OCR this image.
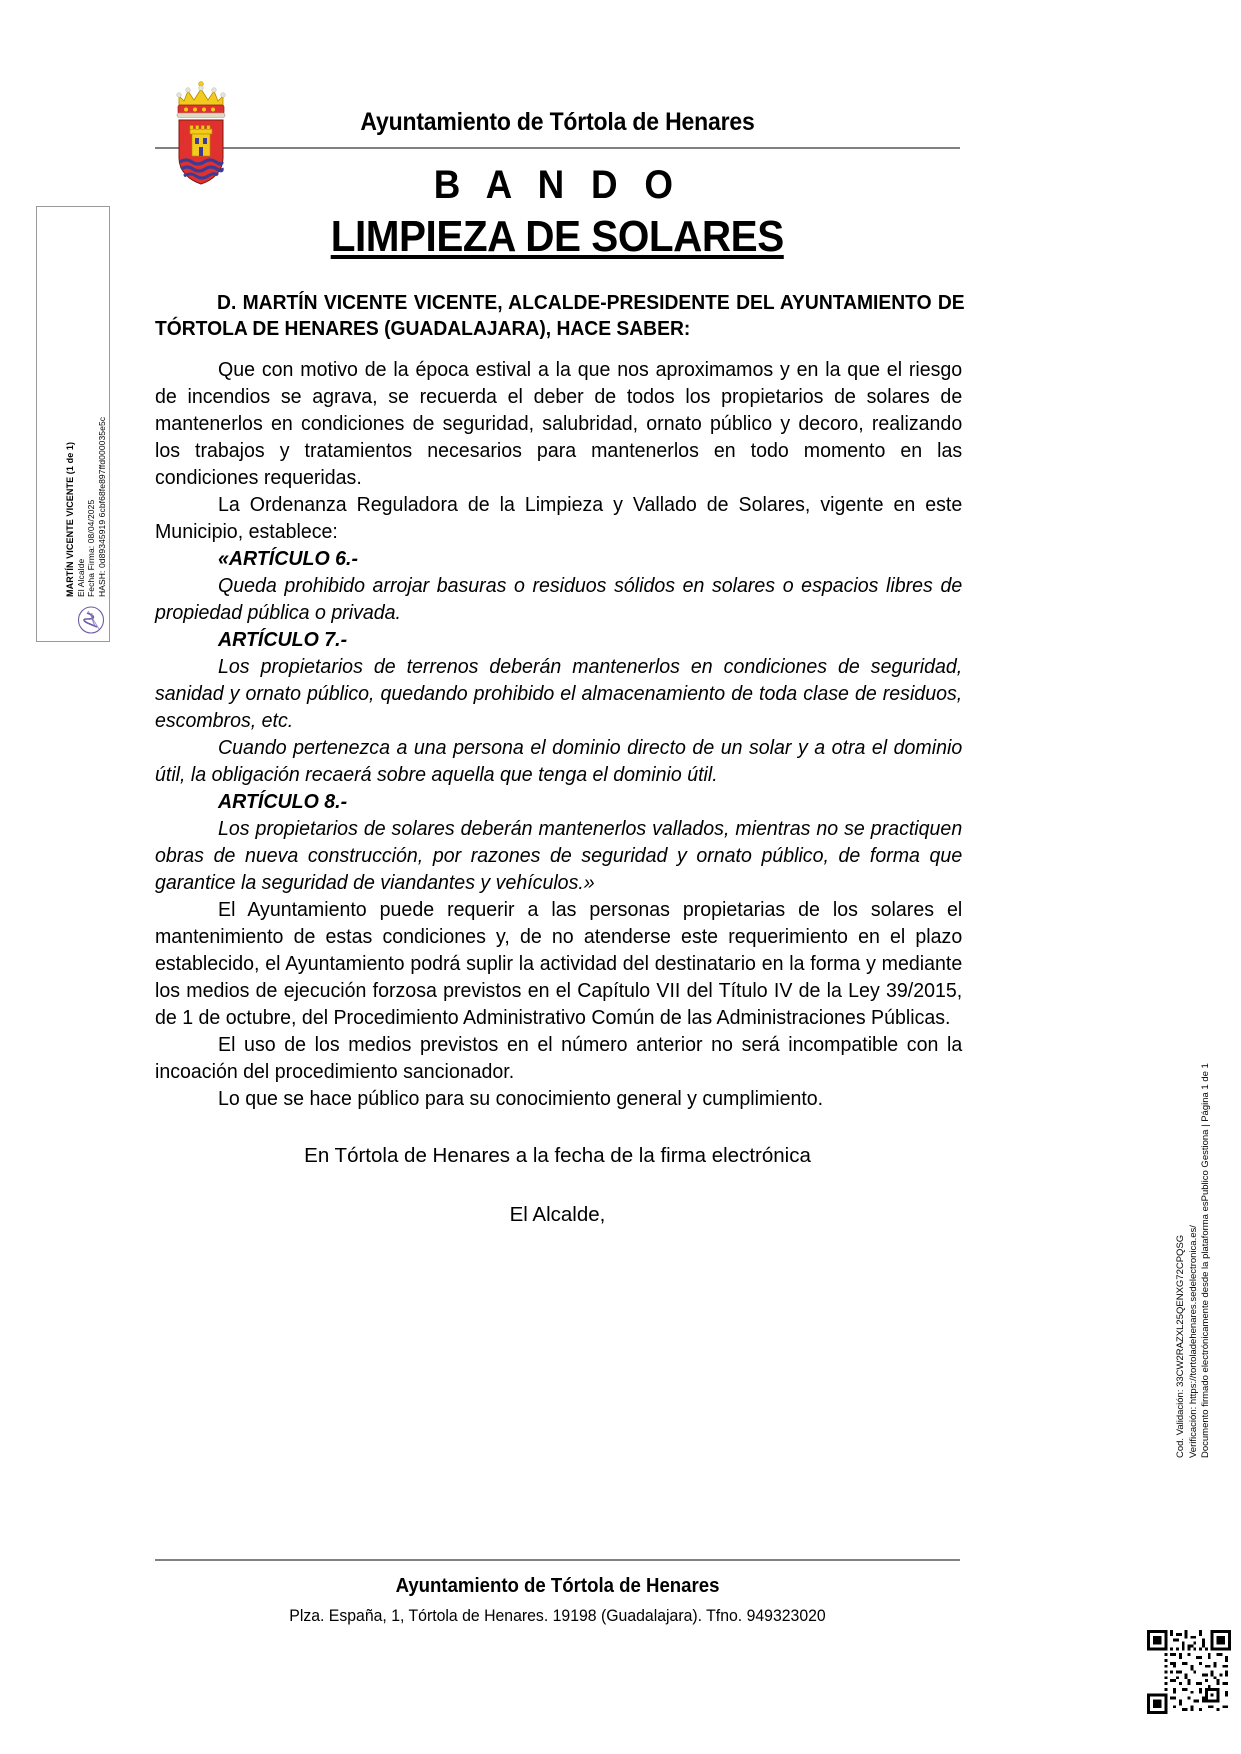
MARTÍN VICENTE VICENTE (1 de 1) El Alcalde Fecha Firma: 08/04/2025 HASH: 0d89345919 6cbf68fe897ffd000035e5c
Cod. Validación: 33CW2RAZXL25QENXG72CPQSG Verificación: https://tortoladehenares.sedelectronica.es/ Documento firmado electrónicamente desde la plataforma esPublico Gestiona | Página 1 de 1
Ayuntamiento de Tórtola de Henares
B A N D O
LIMPIEZA DE SOLARES
D. MARTÍN VICENTE VICENTE, ALCALDE-PRESIDENTE DEL AYUNTAMIENTO DE TÓRTOLA DE HENARES (GUADALAJARA), HACE SABER:

Que con motivo de la época estival a la que nos aproximamos y en la que el riesgo de incendios se agrava, se recuerda el deber de todos los propietarios de solares de mantenerlos en condiciones de seguridad, salubridad, ornato público y decoro, realizando los trabajos y tratamientos necesarios para mantenerlos en todo momento en las condiciones requeridas.

La Ordenanza Reguladora de la Limpieza y Vallado de Solares, vigente en este Municipio, establece:

«ARTÍCULO 6.-

Queda prohibido arrojar basuras o residuos sólidos en solares o espacios libres de propiedad pública o privada.

ARTÍCULO 7.-

Los propietarios de terrenos deberán mantenerlos en condiciones de seguridad, sanidad y ornato público, quedando prohibido el almacenamiento de toda clase de residuos, escombros, etc.

Cuando pertenezca a una persona el dominio directo de un solar y a otra el dominio útil, la obligación recaerá sobre aquella que tenga el dominio útil.

ARTÍCULO 8.-

Los propietarios de solares deberán mantenerlos vallados, mientras no se practiquen obras de nueva construcción, por razones de seguridad y ornato público, de forma que garantice la seguridad de viandantes y vehículos.»

El Ayuntamiento puede requerir a las personas propietarias de los solares el mantenimiento de estas condiciones y, de no atenderse este requerimiento en el plazo establecido, el Ayuntamiento podrá suplir la actividad del destinatario en la forma y mediante los medios de ejecución forzosa previstos en el Capítulo VII del Título IV de la Ley 39/2015, de 1 de octubre, del Procedimiento Administrativo Común de las Administraciones Públicas.

El uso de los medios previstos en el número anterior no será incompatible con la incoación del procedimiento sancionador.

Lo que se hace público para su conocimiento general y cumplimiento.

En Tórtola de Henares a la fecha de la firma electrónica

El Alcalde,

Ayuntamiento de Tórtola de Henares
Plza. España, 1, Tórtola de Henares. 19198 (Guadalajara). Tfno. 949323020
